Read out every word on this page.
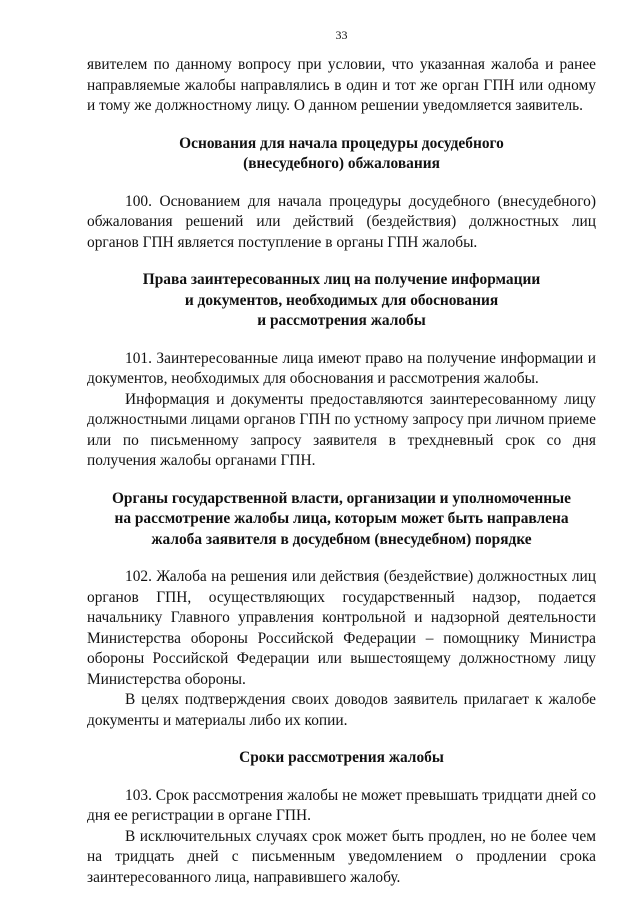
33

явителем по данному вопросу при условии, что указанная жалоба и ранее направляемые жалобы направлялись в один и тот же орган ГПН или одному и тому же должностному лицу. О данном решении уведомляется заявитель.

Основания для начала процедуры досудебного
(внесудебного) обжалования

100. Основанием для начала процедуры досудебного (внесудебного) обжалования решений или действий (бездействия) должностных лиц органов ГПН является поступление в органы ГПН жалобы.

Права заинтересованных лиц на получение информации
и документов, необходимых для обоснования
и рассмотрения жалобы

101. Заинтересованные лица имеют право на получение информации и документов, необходимых для обоснования и рассмотрения жалобы.

Информация и документы предоставляются заинтересованному лицу должностными лицами органов ГПН по устному запросу при личном приеме или по письменному запросу заявителя в трехдневный срок со дня получения жалобы органами ГПН.

Органы государственной власти, организации и уполномоченные
на рассмотрение жалобы лица, которым может быть направлена
жалоба заявителя в досудебном (внесудебном) порядке

102. Жалоба на решения или действия (бездействие) должностных лиц органов ГПН, осуществляющих государственный надзор, подается начальнику Главного управления контрольной и надзорной деятельности Министерства обороны Российской Федерации – помощнику Министра обороны Российской Федерации или вышестоящему должностному лицу Министерства обороны.

В целях подтверждения своих доводов заявитель прилагает к жалобе документы и материалы либо их копии.

Сроки рассмотрения жалобы

103. Срок рассмотрения жалобы не может превышать тридцати дней со дня ее регистрации в органе ГПН.

В исключительных случаях срок может быть продлен, но не более чем на тридцать дней с письменным уведомлением о продлении срока заинтересованного лица, направившего жалобу.
